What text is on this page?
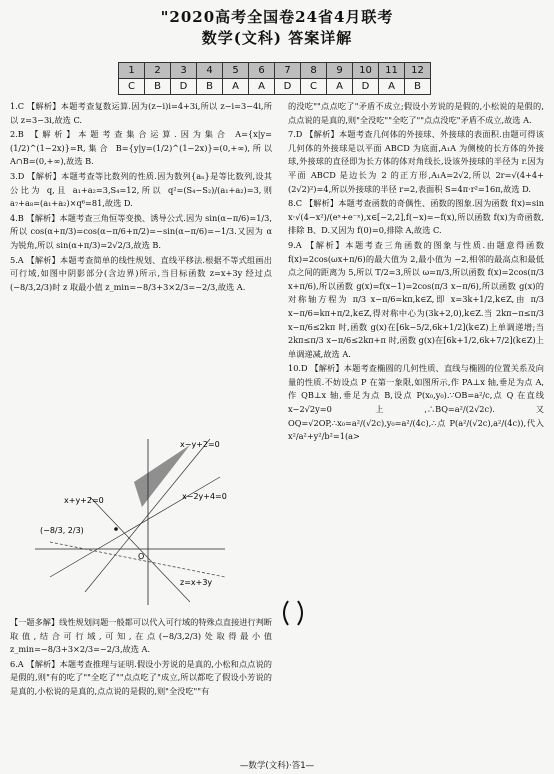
"2020高考全国卷24省4月联考
数学(文科) 答案详解
1	2	3	4	5	6	7	8	9	10	11	12
C	B	D	B	A	A	D	C	A	D	A	B

1.C 【解析】本题考查复数运算.因为(z−i)i=4+3i,所以 z−i=3−4i,所以 z=3−3i,故选 C.

2.B 【解析】本题考查集合运算.因为集合 A={x|y=(1/2)^(1−2x)}=R,集合 B={y|y=(1/2)^(1−2x)}=(0,+∞),所以 A∩B=(0,+∞),故选 B.

3.D 【解析】本题考查等比数列的性质.因为数列{aₙ}是等比数列,设其公比为 q,且 a₁+a₂=3,S₄=12,所以 q²=(S₄−S₂)/(a₁+a₂)=3,则 a₇+a₈=(a₁+a₂)×q⁶=81,故选 D.

4.B 【解析】本题考查三角恒等变换、诱导公式.因为 sin(α−π/6)=1/3,所以 cos(α+π/3)=cos(α−π/6+π/2)=−sin(α−π/6)=−1/3.又因为 α 为锐角,所以 sin(α+π/3)=2√2/3,故选 B.

5.A 【解析】本题考查简单的线性规划、直线平移法.根据不等式组画出可行域,如图中阴影部分(含边界)所示,当目标函数 z=x+3y 经过点(−8/3,2/3)时 z 取最小值 z_min=−8/3+3×2/3=−2/3,故选 A.

x−y+2=0
x+y+2=0	x−2y+4=0
z=x+3y
(−8/3, 2/3)
O

【一题多解】线性规划问题一般都可以代入可行域的特殊点直接进行判断取值,结合可行域,可知,在点(−8/3,2/3)处取得最小值 z_min=−8/3+3×2/3=−2/3,故选 A.

6.A 【解析】本题考查推理与证明.假设小芳说的是真的,小松和点点说的是假的,则"有的吃了""全吃了""点点吃了"成立,所以都吃了假设小芳说的是真的,小松说的是真的,点点说的是假的,则"全没吃""有

的没吃""点点吃了"矛盾不成立;假设小芳说的是假的,小松说的是假的,点点说的是真的,则"全没吃""全吃了""点点没吃"矛盾不成立,故选 A.

7.D 【解析】本题考查几何体的外接球、外接球的表面积.由题可得该几何体的外接球是以平面 ABCD 为底面,A₁A 为侧棱的长方体的外接球,外接球的直径即为长方体的体对角线长,设该外接球的半径为 r.因为平面 ABCD 是边长为 2 的正方形,A₁A=2√2,所以 2r=√(4+4+(2√2)²)=4,所以外接球的半径 r=2,表面积 S=4π·r²=16π,故选 D.

8.C 【解析】本题考查函数的奇偶性、函数的图象.因为函数 f(x)=sin x·√(4−x²)/(eˣ+e⁻ˣ),x∈[−2,2],f(−x)=−f(x),所以函数 f(x)为奇函数,排除 B、D.又因为 f(0)=0,排除 A,故选 C.

9.A 【解析】本题考查三角函数的图象与性质.由题意得函数 f(x)=2cos(ωx+π/6)的最大值为 2,最小值为 −2,相邻的最高点和最低点之间的距离为 5,所以 T/2=3,所以 ω=π/3,所以函数 f(x)=2cos(π/3 x+π/6),所以函数 g(x)=f(x−1)=2cos(π/3 x−π/6),所以函数 g(x)的对称轴方程为 π/3 x−π/6=kπ,k∈Z,即 x=3k+1/2,k∈Z,由 π/3 x−π/6=kπ+π/2,k∈Z,得对称中心为(3k+2,0),k∈Z.当 2kπ−π≤π/3 x−π/6≤2kπ 时,函数 g(x)在[6k−5/2,6k+1/2](k∈Z)上单调递增;当 2kπ≤π/3 x−π/6≤2kπ+π 时,函数 g(x)在[6k+1/2,6k+7/2](k∈Z)上单调递减,故选 A.

10.D 【解析】本题考查椭圆的几何性质、直线与椭圆的位置关系及向量的性质.不妨设点 P 在第一象限,如图所示,作 PA⊥x 轴,垂足为点 A,作 QB⊥x 轴,垂足为点 B,设点 P(x₀,y₀).∵OB=a²/c,点 Q 在直线 x−2√2y=0 上,∴BQ=a²/(2√2c).又OQ=√2OP,∴x₀=a²/(√2c),y₀=a²/(4c),∴点 P(a²/(√2c),a²/(4c)),代入 x²/a²+y²/b²=1(a>

—数学(文科)·答1—
